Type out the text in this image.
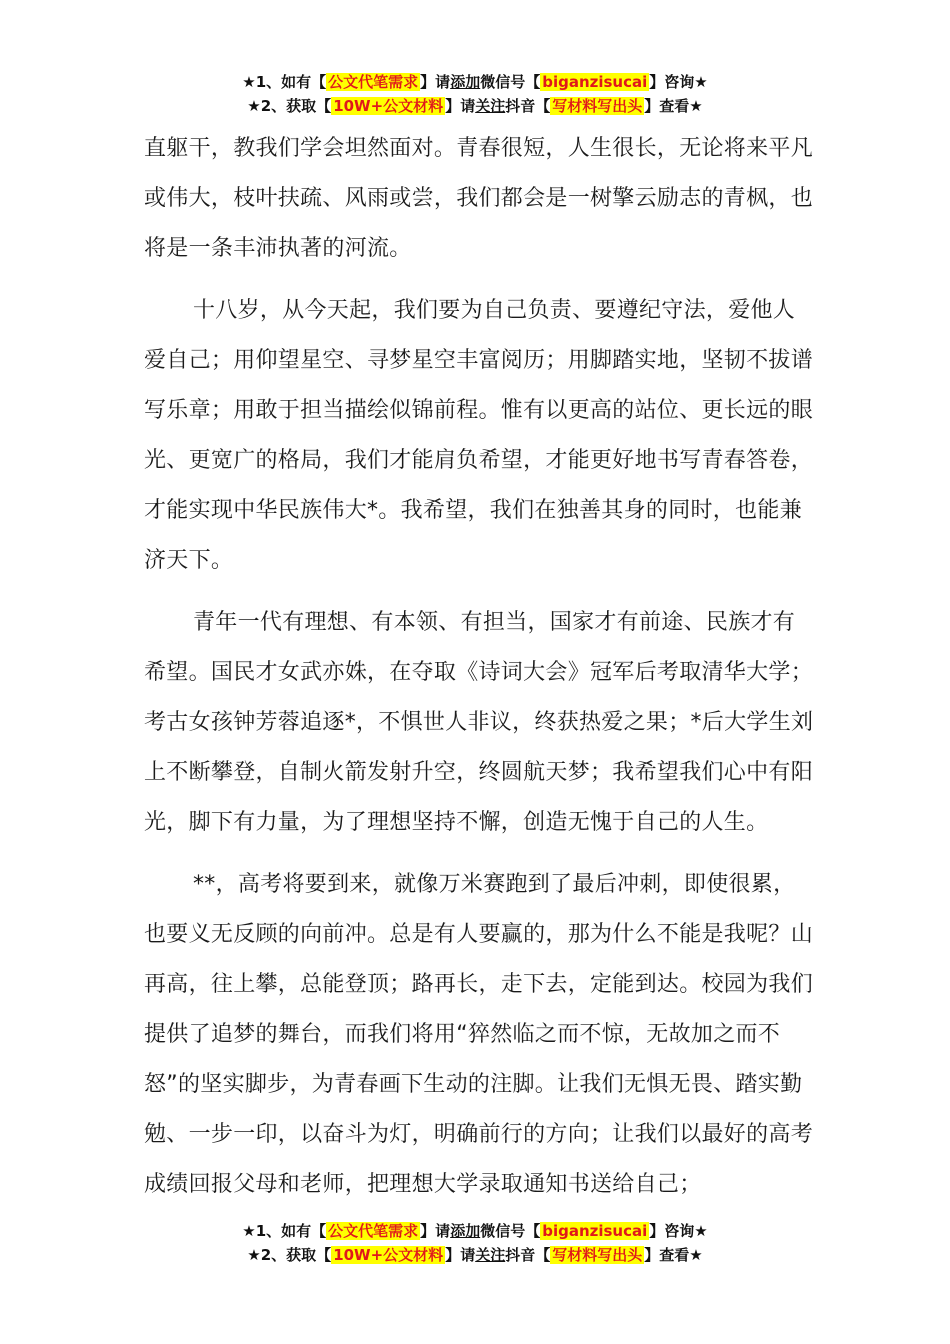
★1、如有【 公文代笔需求 】请添加微信号【 biganzisucai 】咨询★
★2、获取【 10W+公文材料 】请关注抖音【 写材料写出头 】查看★

直躯干，教我们学会坦然面对。青春很短，人生很长，无论将来平凡或伟大，枝叶扶疏、风雨或尝，我们都会是一树擎云励志的青枫，也将是一条丰沛执著的河流。

十八岁，从今天起，我们要为自己负责、要遵纪守法，爱他人爱自己；用仰望星空、寻梦星空丰富阅历；用脚踏实地，坚韧不拔谱写乐章；用敢于担当描绘似锦前程。惟有以更高的站位、更长远的眼光、更宽广的格局，我们才能肩负希望，才能更好地书写青春答卷，才能实现中华民族伟大*。我希望，我们在独善其身的同时，也能兼济天下。

青年一代有理想、有本领、有担当，国家才有前途、民族才有希望。国民才女武亦姝，在夺取《诗词大会》冠军后考取清华大学；考古女孩钟芳蓉追逐*，不惧世人非议，终获热爱之果；*后大学生刘上不断攀登，自制火箭发射升空，终圆航天梦；我希望我们心中有阳光，脚下有力量，为了理想坚持不懈，创造无愧于自己的人生。

**，高考将要到来，就像万米赛跑到了最后冲刺，即使很累，也要义无反顾的向前冲。总是有人要赢的，那为什么不能是我呢？山再高，往上攀，总能登顶；路再长，走下去，定能到达。校园为我们提供了追梦的舞台，而我们将用“猝然临之而不惊，无故加之而不怒”的坚实脚步，为青春画下生动的注脚。让我们无惧无畏、踏实勤勉、一步一印，以奋斗为灯，明确前行的方向；让我们以最好的高考成绩回报父母和老师，把理想大学录取通知书送给自己；

★1、如有【 公文代笔需求 】请添加微信号【 biganzisucai 】咨询★
★2、获取【 10W+公文材料 】请关注抖音【 写材料写出头 】查看★
